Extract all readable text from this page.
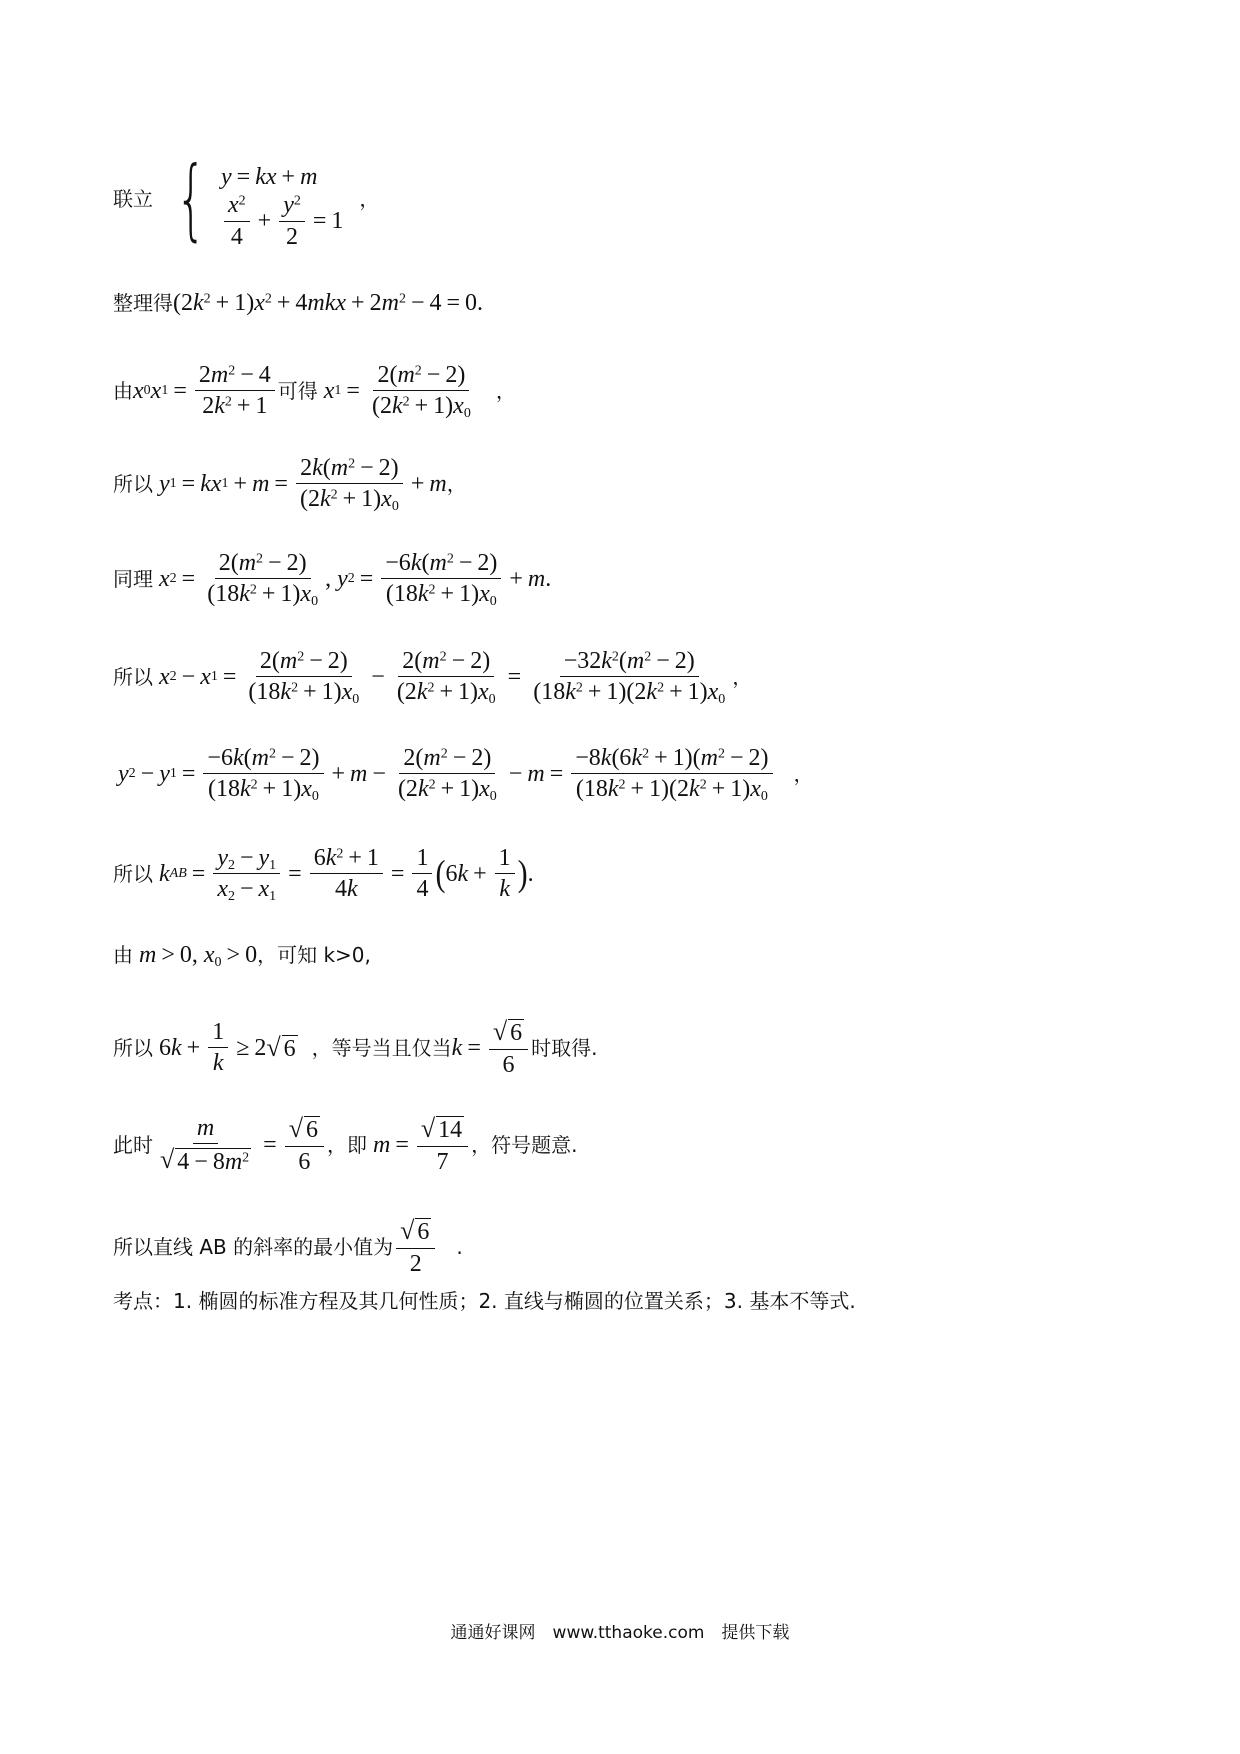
联立 { y = kx + m
$\frac{x^2}{4} + \frac{y^2}{2} = 1$
，
整理得 $(2k^2 + 1)x^2 + 4mkx + 2m^2 - 4 = 0$.
由 x 0 x $1 = \frac{2m^2 - 4}{2k^2 + 1}$ 可得
x $1 = \frac{2(m^2 - 2)}{(2k^2 + 1)x_0}$ ，
所以
y 1 = kx $1 + m = \frac{2k(m^2 - 2)}{(2k^2 + 1)x_0} + m$ ，
同理
x $2 = \frac{2(m^2 - 2)}{(18k^2 + 1)x_0}$ , y $2 = \frac{-6k(m^2 - 2)}{(18k^2 + 1)x_0} + m$ .
所以
x 2 − x $1 = \frac{2(m^2 - 2)}{(18k^2 + 1)x_0} - \frac{2(m^2 - 2)}{(2k^2 + 1)x_0} = \frac{-32k^2(m^2 - 2)}{(18k^2 + 1)(2k^2 + 1)x_0}$ ，
y 2 − y $1 = \frac{-6k(m^2 - 2)}{(18k^2 + 1)x_0} + m - \frac{2(m^2 - 2)}{(2k^2 + 1)x_0} - m = \frac{-8k(6k^2 + 1)(m^2 - 2)}{(18k^2 + 1)(2k^2 + 1)x_0}$ ，
所以
k AB = $\frac{y_2 - y_1}{x_2 - x_1} = \frac{6k^2 + 1}{4k} = \frac{1}{4}$ ( 6 $k + \frac{1}{k}$ ) .
由 m > 0, $x_0 > 0$ ，可知 k>0,
所以 6 $k + \frac{1}{k} \ge 2$ √ 6 ，等号当且仅当 $k = \frac{√ 6}{6}$ 时取得.
此时 $\frac{m}{√ 4 - 8m^2} = \frac{√ 6}{6}$ ，即
$m = \frac{√ 14}{7}$ ，符号题意.
所以直线 AB 的斜率的最小值为 $\frac{√ 6}{2}$ .
考点：1. 椭圆的标准方程及其几何性质；2. 直线与椭圆的位置关系；3. 基本不等式.
通通好课网　www.tthaoke.com　提供下载
